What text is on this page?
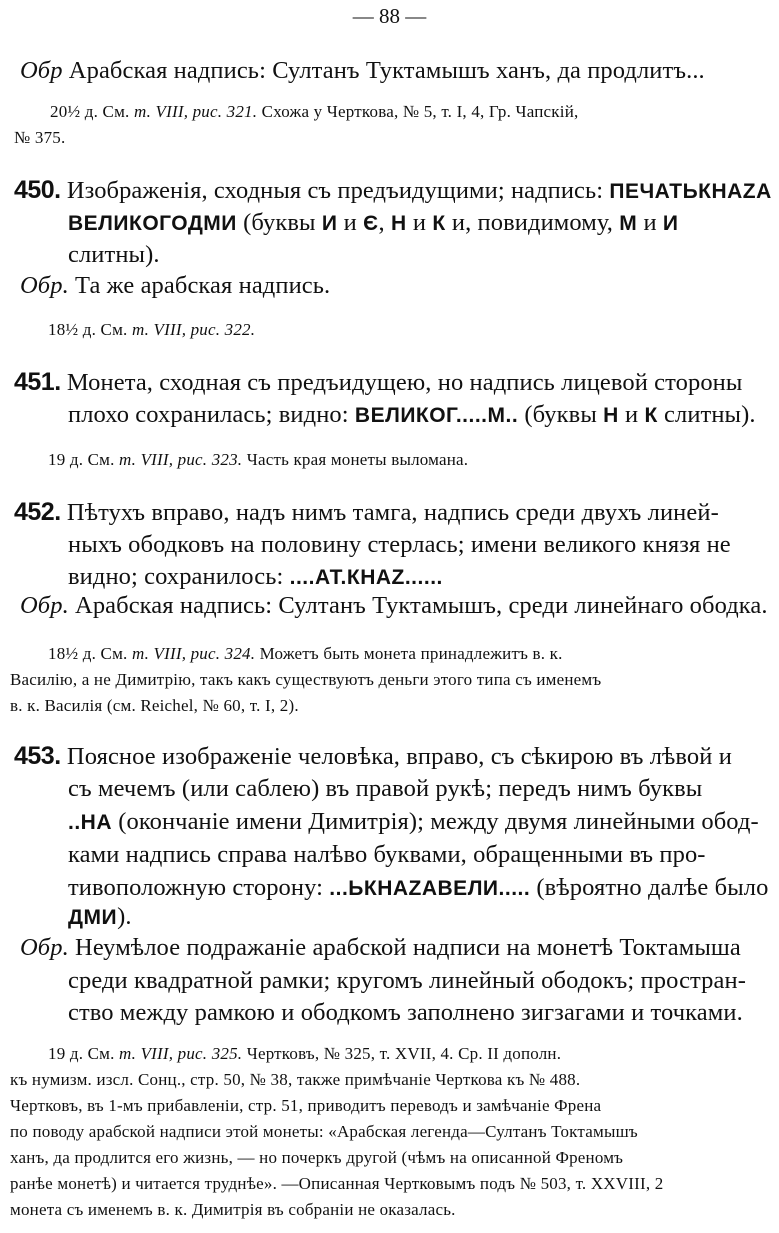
— 88 —
Обр Арабская надпись: Султанъ Туктамышъ ханъ, да продлитъ...
20½ д. См. т. VIII, рис. 321. Схожа у Черткова, № 5, т. I, 4, Гр. Чапскiй,
№ 375.
450. Изображенiя, сходныя съ предъидущими; надпись: ПЕЧАТЬКНАZА
ВЕЛИКОГОДМИ (буквы И и Є, Н и К и, повидимому, М и И
слитны).
Обр. Та же арабская надпись.
18½ д. См. т. VIII, рис. 322.
451. Монета, сходная съ предъидущею, но надпись лицевой стороны
плохо сохранилась; видно: ВЕЛИКОГ.....М.. (буквы Н и К слитны).
19 д. См. т. VIII, рис. 323. Часть края монеты выломана.
452. Пѣтухъ вправо, надъ нимъ тамга, надпись среди двухъ линей-
ныхъ ободковъ на половину стерлась; имени великого князя не
видно; сохранилось: ....АТ.КНАZ......
Обр. Арабская надпись: Султанъ Туктамышъ, среди линейнаго ободка.
18½ д. См. т. VIII, рис. 324. Можетъ быть монета принадлежитъ в. к.
Василiю, а не Димитрiю, такъ какъ существуютъ деньги этого типа съ именемъ
в. к. Василiя (см. Reichel, № 60, т. I, 2).
453. Поясное изображенiе человѣка, вправо, съ сѣкирою въ лѣвой и
съ мечемъ (или саблею) въ правой рукѣ; передъ нимъ буквы
..НА (окончанiе имени Димитрiя); между двумя линейными обод-
ками надпись справа налѣво буквами, обращенными въ про-
тивоположную сторону: ...ЬКНАZАВЕЛИ..... (вѣроятно далѣе было
ДМИ).
Обр. Неумѣлое подражанiе арабской надписи на монетѣ Токтамыша
среди квадратной рамки; кругомъ линейный ободокъ; простран-
ство между рамкою и ободкомъ заполнено зигзагами и точками.
19 д. См. т. VIII, рис. 325. Чертковъ, № 325, т. XVII, 4. Ср. II дополн.
къ нумизм. изсл. Сонц., стр. 50, № 38, также примѣчанiе Черткова къ № 488.
Чертковъ, въ 1-мъ прибавленiи, стр. 51, приводитъ переводъ и замѣчанiе Френа
по поводу арабской надписи этой монеты: «Арабская легенда—Султанъ Токтамышъ
ханъ, да продлится его жизнь, — но почеркъ другой (чѣмъ на описанной Френомъ
ранѣе монетѣ) и читается труднѣе». —Описанная Чертковымъ подъ № 503, т. XXVIII, 2
монета съ именемъ в. к. Димитрiя въ собранiи не оказалась.
